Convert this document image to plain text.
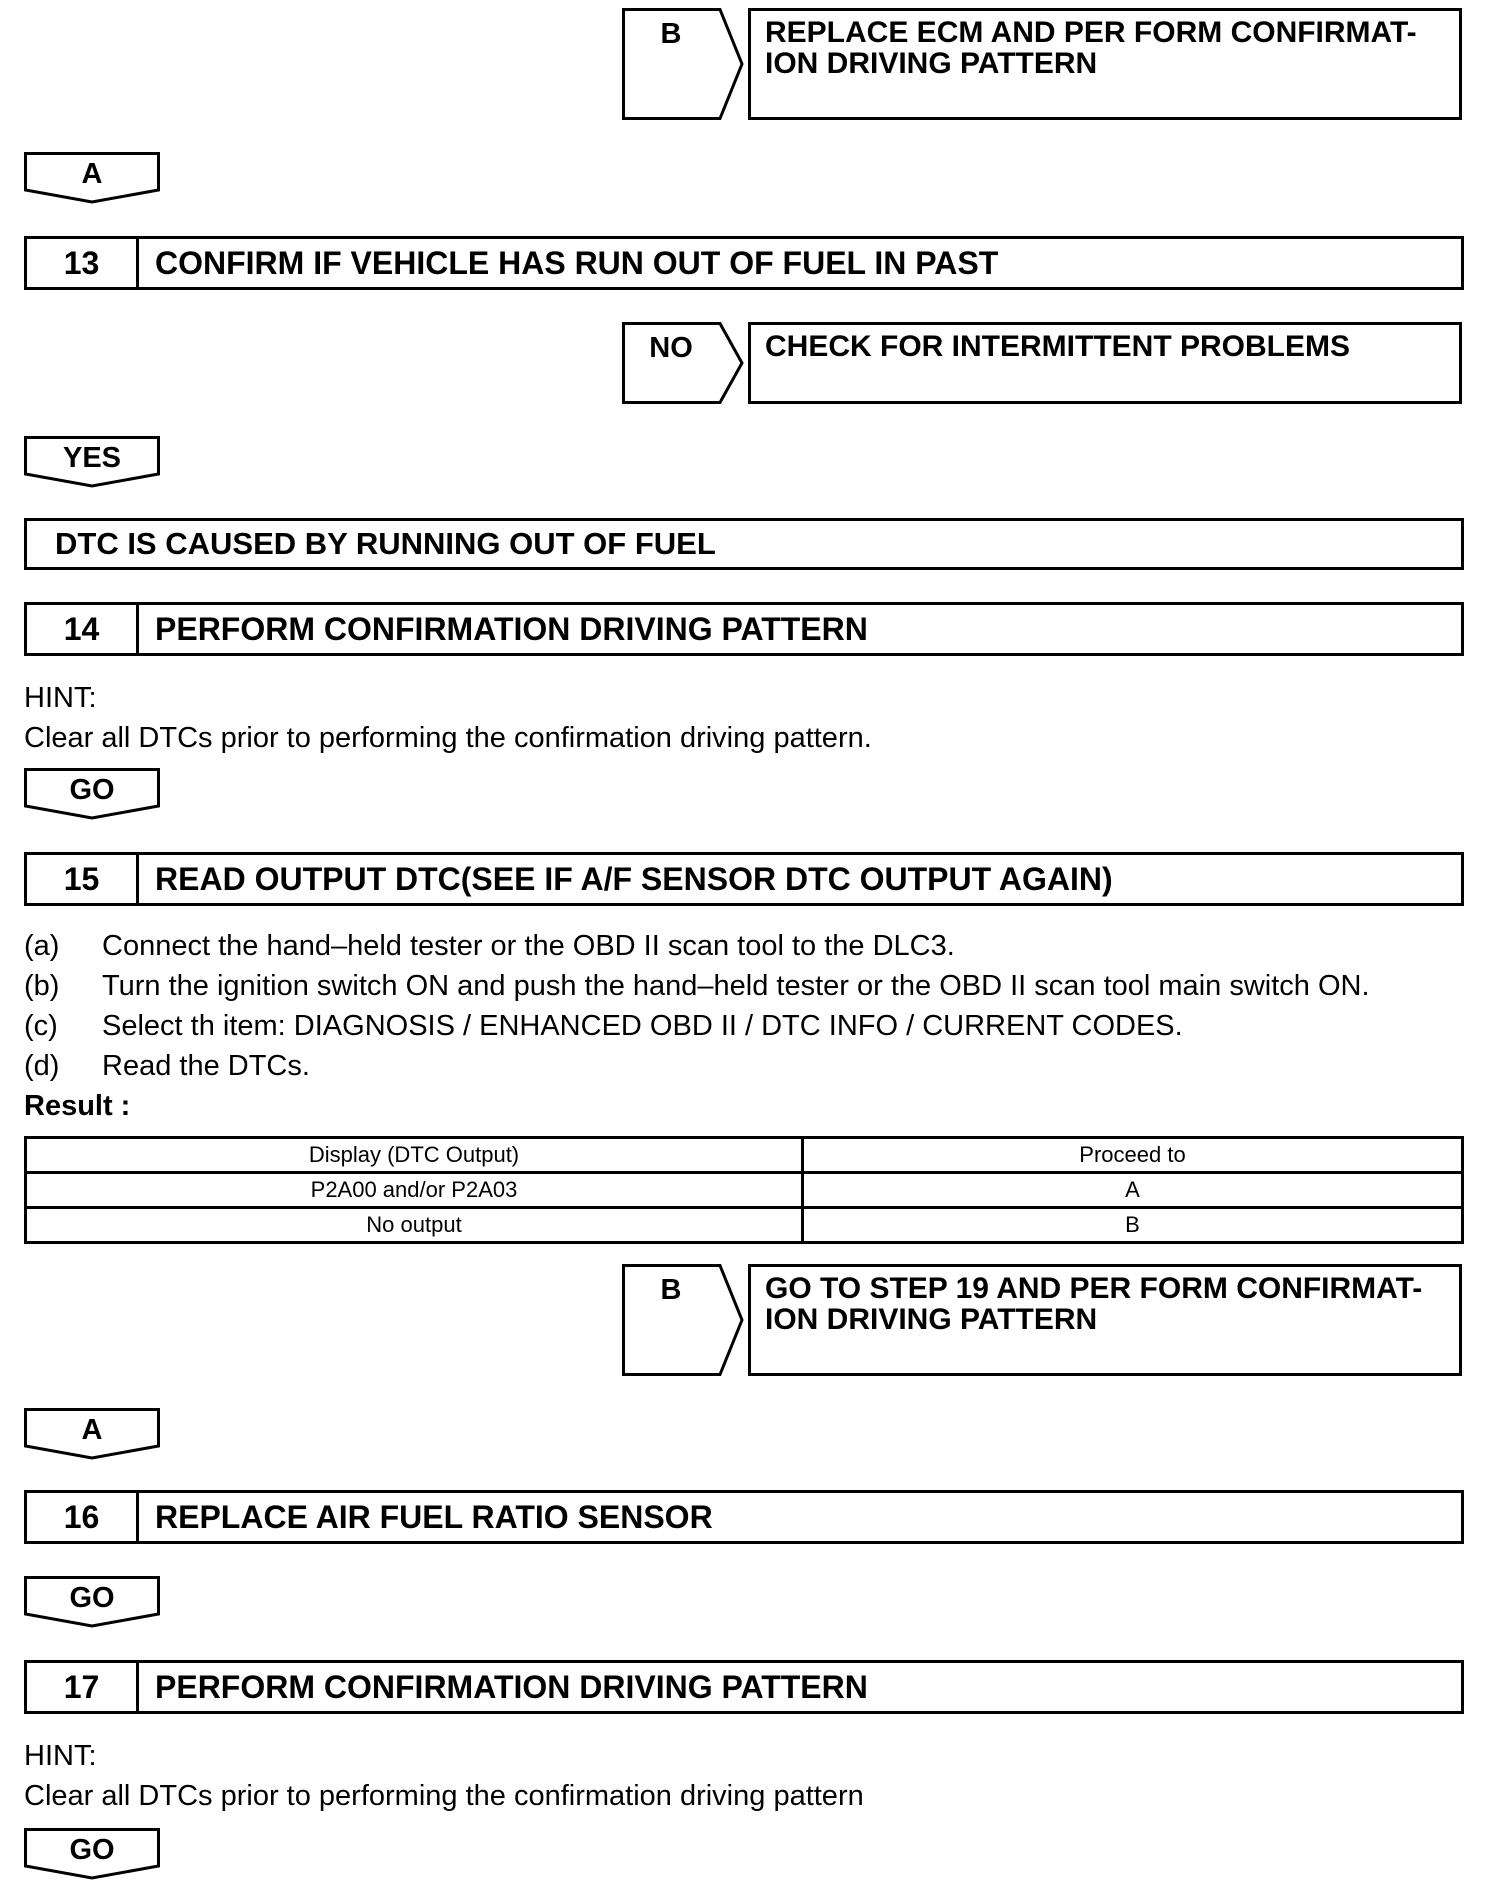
B	REPLACE ECM AND PER FORM CONFIRMAT-
ION DRIVING PATTERN
A
13	CONFIRM IF VEHICLE HAS RUN OUT OF FUEL IN PAST
NO	CHECK FOR INTERMITTENT PROBLEMS
YES
DTC IS CAUSED BY RUNNING OUT OF FUEL
14	PERFORM CONFIRMATION DRIVING PATTERN
HINT:
Clear all DTCs prior to performing the confirmation driving pattern.
GO
15	READ OUTPUT DTC(SEE IF A/F SENSOR DTC OUTPUT AGAIN)
(a) Connect the hand–held tester or the OBD II scan tool to the DLC3.
(b) Turn the ignition switch ON and push the hand–held tester or the OBD II scan tool main switch ON.
(c) Select th item: DIAGNOSIS / ENHANCED OBD II / DTC INFO / CURRENT CODES.
(d) Read the DTCs.
Result :
Display (DTC Output)	Proceed to
P2A00 and/or P2A03	A
No output	B
B	GO TO STEP 19 AND PER FORM CONFIRMAT-
ION DRIVING PATTERN
A
16	REPLACE AIR FUEL RATIO SENSOR
GO
17	PERFORM CONFIRMATION DRIVING PATTERN
HINT:
Clear all DTCs prior to performing the confirmation driving pattern
GO
